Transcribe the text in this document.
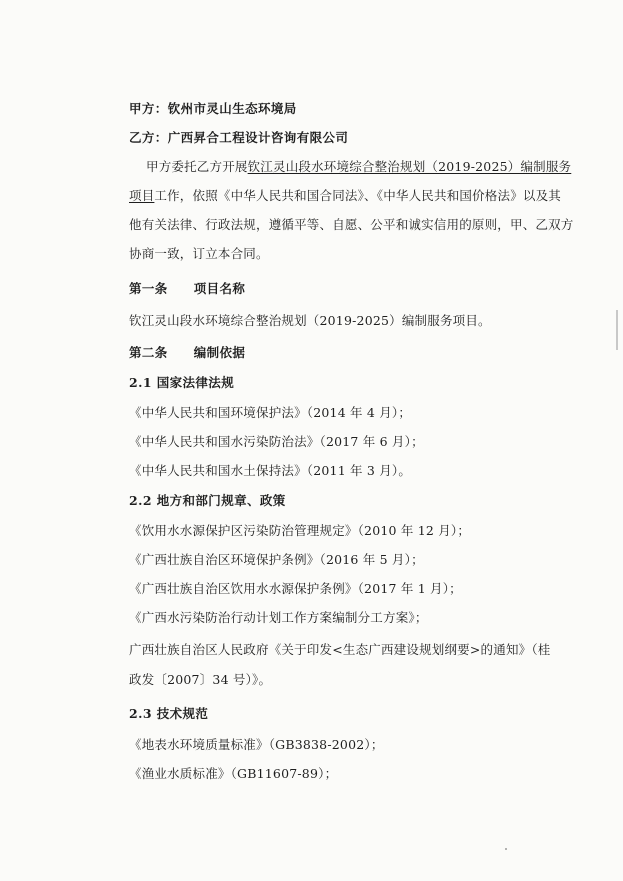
甲方：钦州市灵山生态环境局
乙方：广西昇合工程设计咨询有限公司
甲方委托乙方开展钦江灵山段水环境综合整治规划（2019-2025）编制服务
项目工作，依照《中华人民共和国合同法》、《中华人民共和国价格法》以及其
他有关法律、行政法规，遵循平等、自愿、公平和诚实信用的原则，甲、乙双方
协商一致，订立本合同。
第一条 项目名称
钦江灵山段水环境综合整治规划（2019-2025）编制服务项目。
第二条 编制依据
2.1 国家法律法规
《中华人民共和国环境保护法》（2014 年 4 月）；
《中华人民共和国水污染防治法》（2017 年 6 月）；
《中华人民共和国水土保持法》（2011 年 3 月）。
2.2 地方和部门规章、政策
《饮用水水源保护区污染防治管理规定》（2010 年 12 月）；
《广西壮族自治区环境保护条例》（2016 年 5 月）；
《广西壮族自治区饮用水水源保护条例》（2017 年 1 月）；
《广西水污染防治行动计划工作方案编制分工方案》；
广西壮族自治区人民政府《关于印发<生态广西建设规划纲要>的通知》（桂
政发〔2007〕34 号）》。
2.3 技术规范
《地表水环境质量标准》（GB3838-2002）；
《渔业水质标准》（GB11607-89）；
